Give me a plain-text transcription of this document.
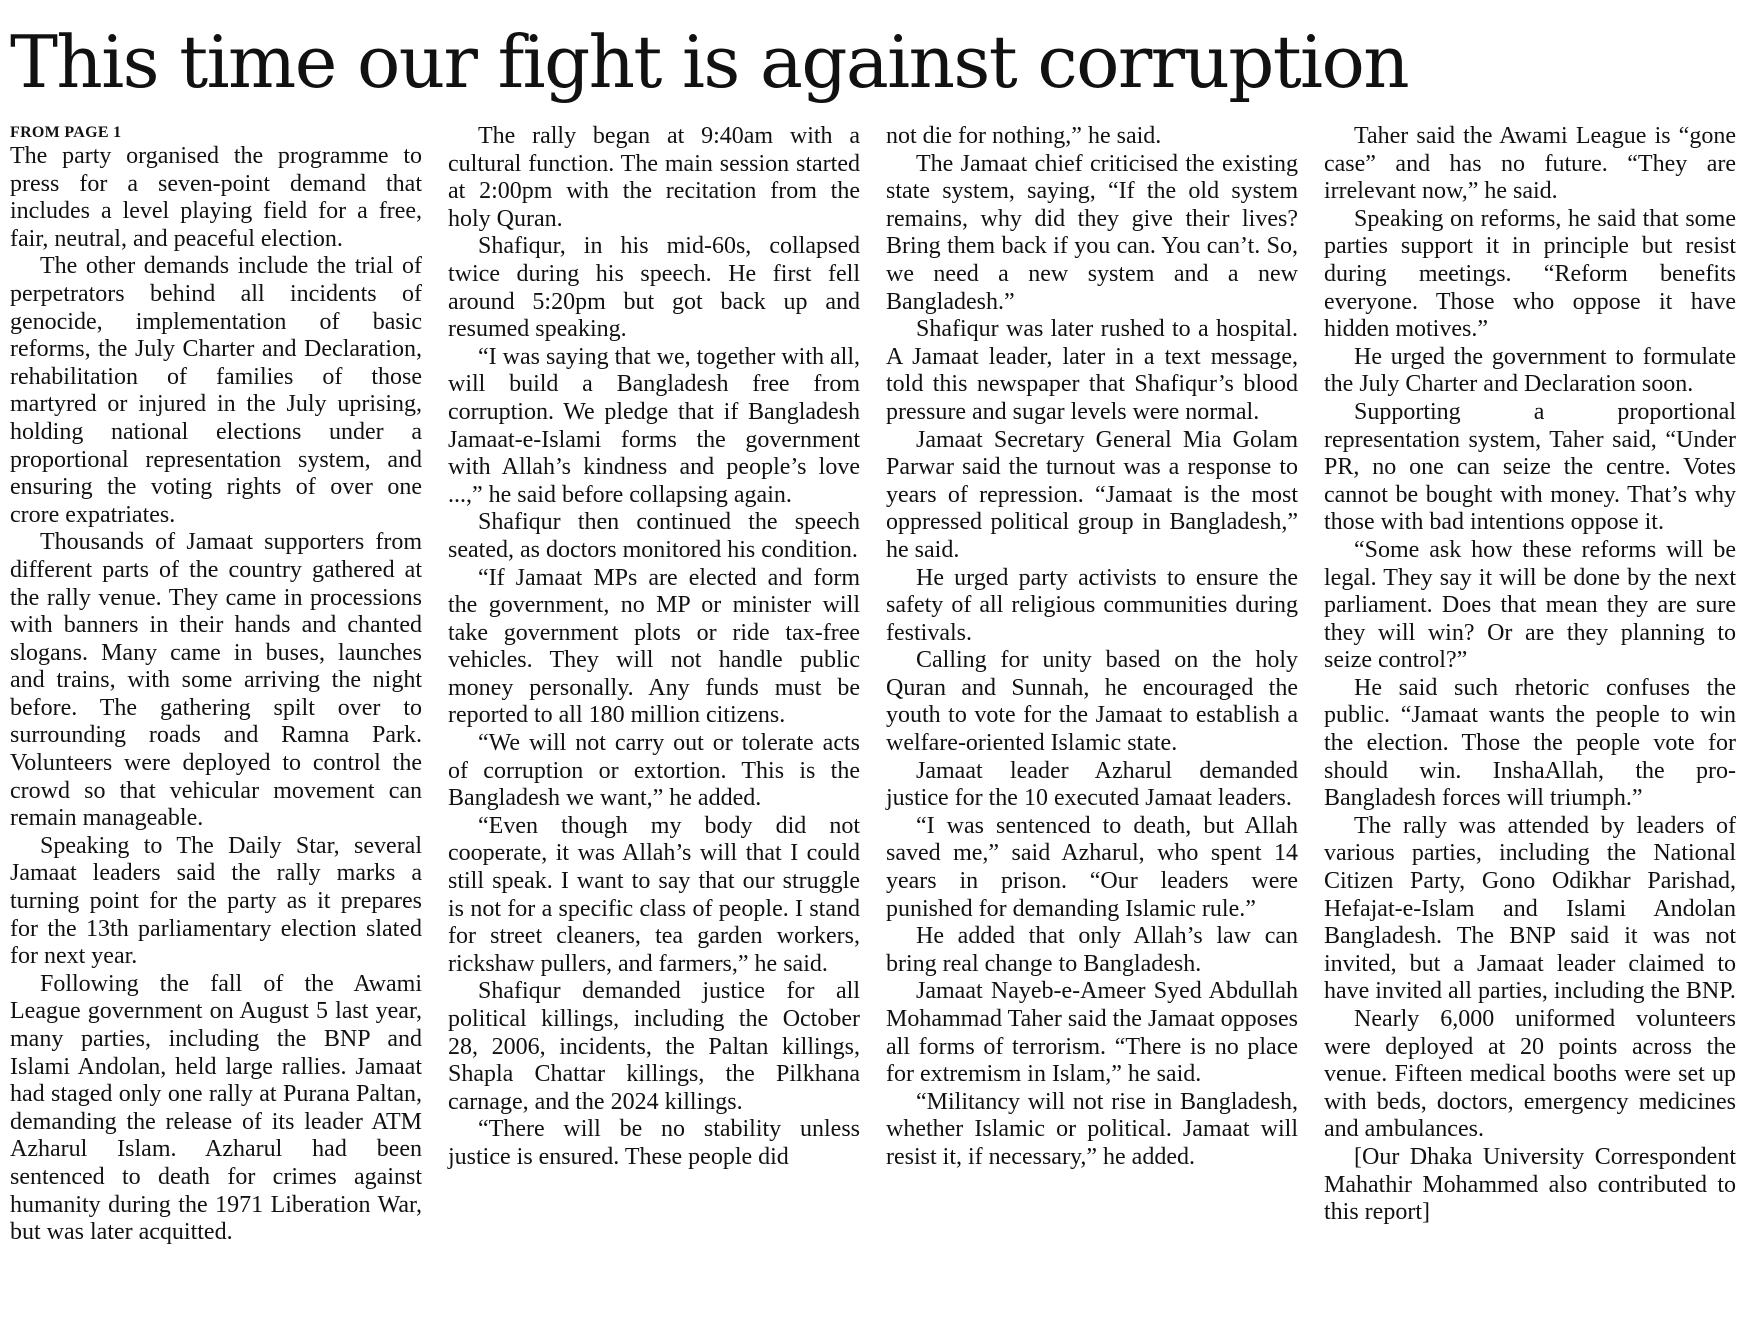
This time our fight is against corruption
FROM PAGE 1

The party organised the programme to press for a seven-point demand that includes a level playing field for a free, fair, neutral, and peaceful election.

The other demands include the trial of perpetrators behind all incidents of genocide, implementation of basic reforms, the July Charter and Declaration, rehabilitation of families of those martyred or injured in the July uprising, holding national elections under a proportional representation system, and ensuring the voting rights of over one crore expatriates.

Thousands of Jamaat supporters from different parts of the country gathered at the rally venue. They came in processions with banners in their hands and chanted slogans. Many came in buses, launches and trains, with some arriving the night before. The gathering spilt over to surrounding roads and Ramna Park. Volunteers were deployed to control the crowd so that vehicular movement can remain manageable.

Speaking to The Daily Star, several Jamaat leaders said the rally marks a turning point for the party as it prepares for the 13th parliamentary election slated for next year.

Following the fall of the Awami League government on August 5 last year, many parties, including the BNP and Islami Andolan, held large rallies. Jamaat had staged only one rally at Purana Paltan, demanding the release of its leader ATM Azharul Islam. Azharul had been sentenced to death for crimes against humanity during the 1971 Liberation War, but was later acquitted.

The rally began at 9:40am with a cultural function. The main session started at 2:00pm with the recitation from the holy Quran.

Shafiqur, in his mid-60s, collapsed twice during his speech. He first fell around 5:20pm but got back up and resumed speaking.

“I was saying that we, together with all, will build a Bangladesh free from corruption. We pledge that if Bangladesh Jamaat-e-Islami forms the government with Allah’s kindness and people’s love ...,” he said before collapsing again.

Shafiqur then continued the speech seated, as doctors monitored his condition.

“If Jamaat MPs are elected and form the government, no MP or minister will take government plots or ride tax-free vehicles. They will not handle public money personally. Any funds must be reported to all 180 million citizens.

“We will not carry out or tolerate acts of corruption or extortion. This is the Bangladesh we want,” he added.

“Even though my body did not cooperate, it was Allah’s will that I could still speak. I want to say that our struggle is not for a specific class of people. I stand for street cleaners, tea garden workers, rickshaw pullers, and farmers,” he said.

Shafiqur demanded justice for all political killings, including the October 28, 2006, incidents, the Paltan killings, Shapla Chattar killings, the Pilkhana carnage, and the 2024 killings.

“There will be no stability unless justice is ensured. These people did

not die for nothing,” he said.

The Jamaat chief criticised the existing state system, saying, “If the old system remains, why did they give their lives? Bring them back if you can. You can’t. So, we need a new system and a new Bangladesh.”

Shafiqur was later rushed to a hospital. A Jamaat leader, later in a text message, told this newspaper that Shafiqur’s blood pressure and sugar levels were normal.

Jamaat Secretary General Mia Golam Parwar said the turnout was a response to years of repression. “Jamaat is the most oppressed political group in Bangladesh,” he said.

He urged party activists to ensure the safety of all religious communities during festivals.

Calling for unity based on the holy Quran and Sunnah, he encouraged the youth to vote for the Jamaat to establish a welfare-oriented Islamic state.

Jamaat leader Azharul demanded justice for the 10 executed Jamaat leaders.

“I was sentenced to death, but Allah saved me,” said Azharul, who spent 14 years in prison. “Our leaders were punished for demanding Islamic rule.”

He added that only Allah’s law can bring real change to Bangladesh.

Jamaat Nayeb-e-Ameer Syed Abdullah Mohammad Taher said the Jamaat opposes all forms of terrorism. “There is no place for extremism in Islam,” he said.

“Militancy will not rise in Bangladesh, whether Islamic or political. Jamaat will resist it, if necessary,” he added.

Taher said the Awami League is “gone case” and has no future. “They are irrelevant now,” he said.

Speaking on reforms, he said that some parties support it in principle but resist during meetings. “Reform benefits everyone. Those who oppose it have hidden motives.”

He urged the government to formulate the July Charter and Declaration soon.

Supporting a proportional representation system, Taher said, “Under PR, no one can seize the centre. Votes cannot be bought with money. That’s why those with bad intentions oppose it.

“Some ask how these reforms will be legal. They say it will be done by the next parliament. Does that mean they are sure they will win? Or are they planning to seize control?”

He said such rhetoric confuses the public. “Jamaat wants the people to win the election. Those the people vote for should win. InshaAllah, the pro-Bangladesh forces will triumph.”

The rally was attended by leaders of various parties, including the National Citizen Party, Gono Odikhar Parishad, Hefajat-e-Islam and Islami Andolan Bangladesh. The BNP said it was not invited, but a Jamaat leader claimed to have invited all parties, including the BNP.

Nearly 6,000 uniformed volunteers were deployed at 20 points across the venue. Fifteen medical booths were set up with beds, doctors, emergency medicines and ambulances.

[Our Dhaka University Correspondent Mahathir Mohammed also contributed to this report]
